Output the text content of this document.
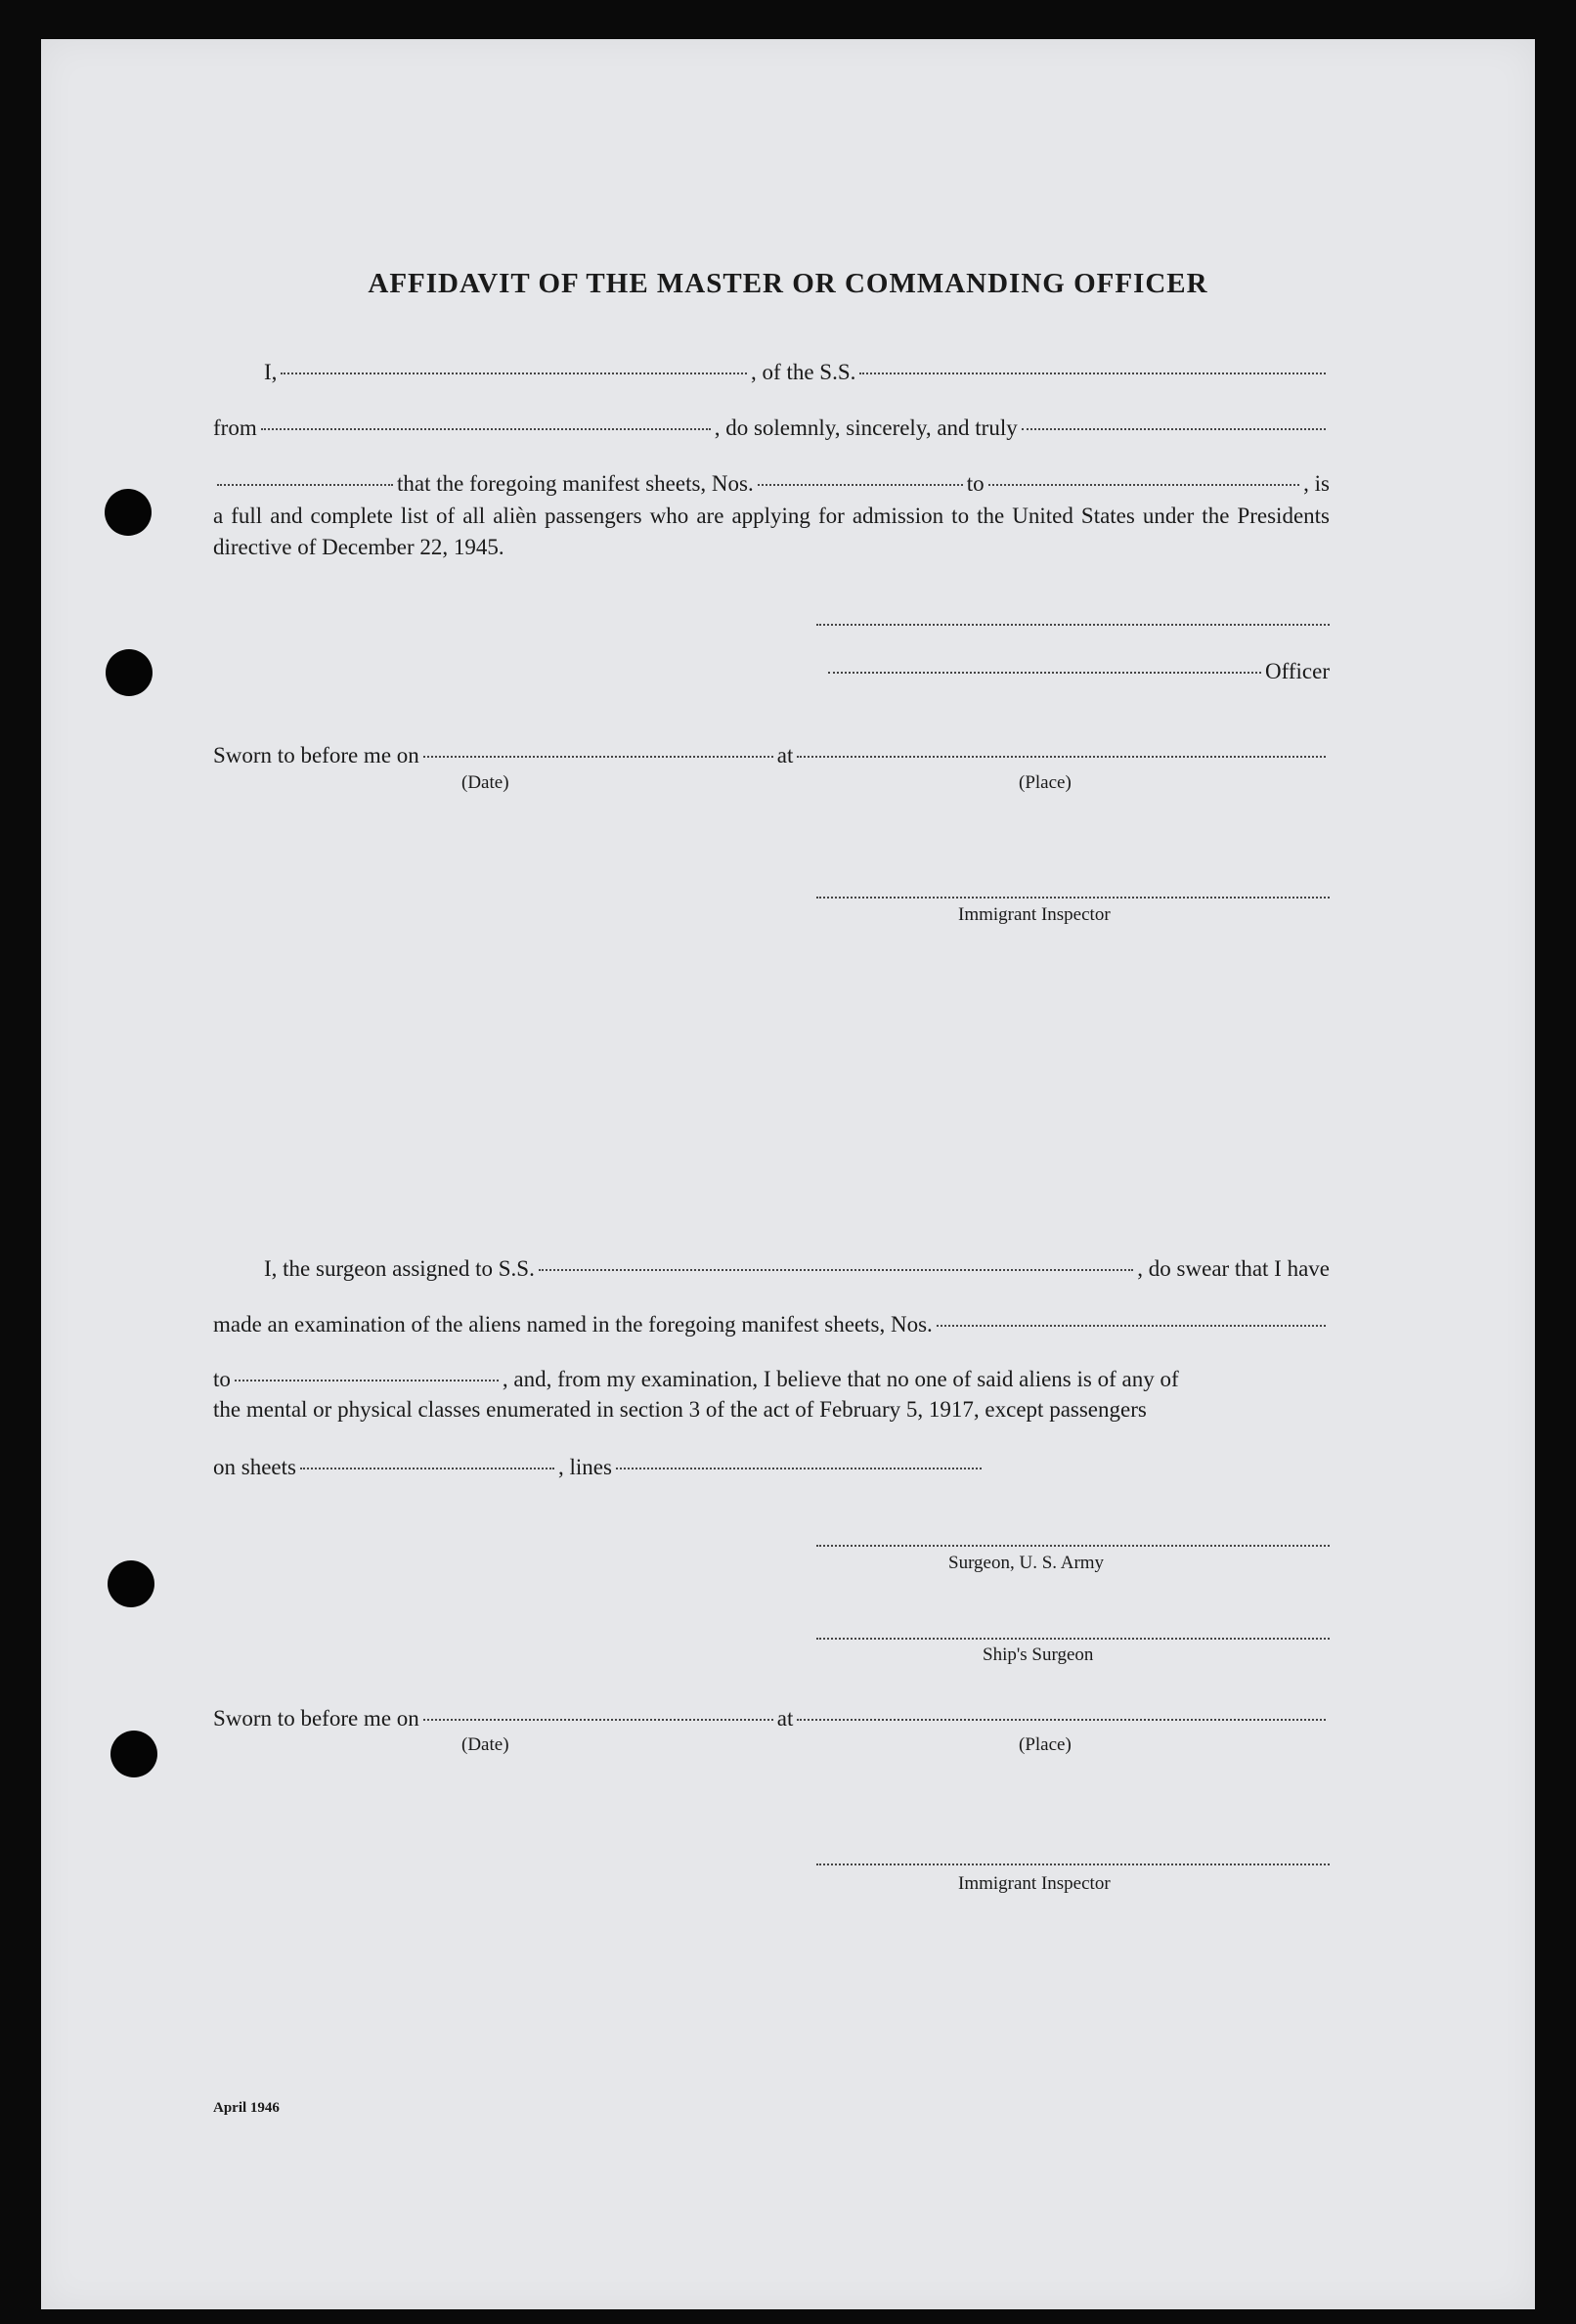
AFFIDAVIT OF THE MASTER OR COMMANDING OFFICER
I,	, of the S.S.
from	, do solemnly, sincerely, and truly
that the foregoing manifest sheets, Nos.	to	, is
a full and complete list of all alièn passengers who are applying for admission to the United States under the Presidents directive of December 22, 1945.
Officer
Sworn to before me on	at
(Date)	(Place)
Immigrant Inspector
I, the surgeon assigned to S.S.	, do swear that I have
made an examination of the aliens named in the foregoing manifest sheets, Nos.
to	, and, from my examination, I believe that no one of said aliens is of any of
the mental or physical classes enumerated in section 3 of the act of February 5, 1917, except passengers
on sheets	, lines
Surgeon, U. S. Army
Ship's Surgeon
Sworn to before me on	at
(Date)	(Place)
Immigrant Inspector
April 1946
